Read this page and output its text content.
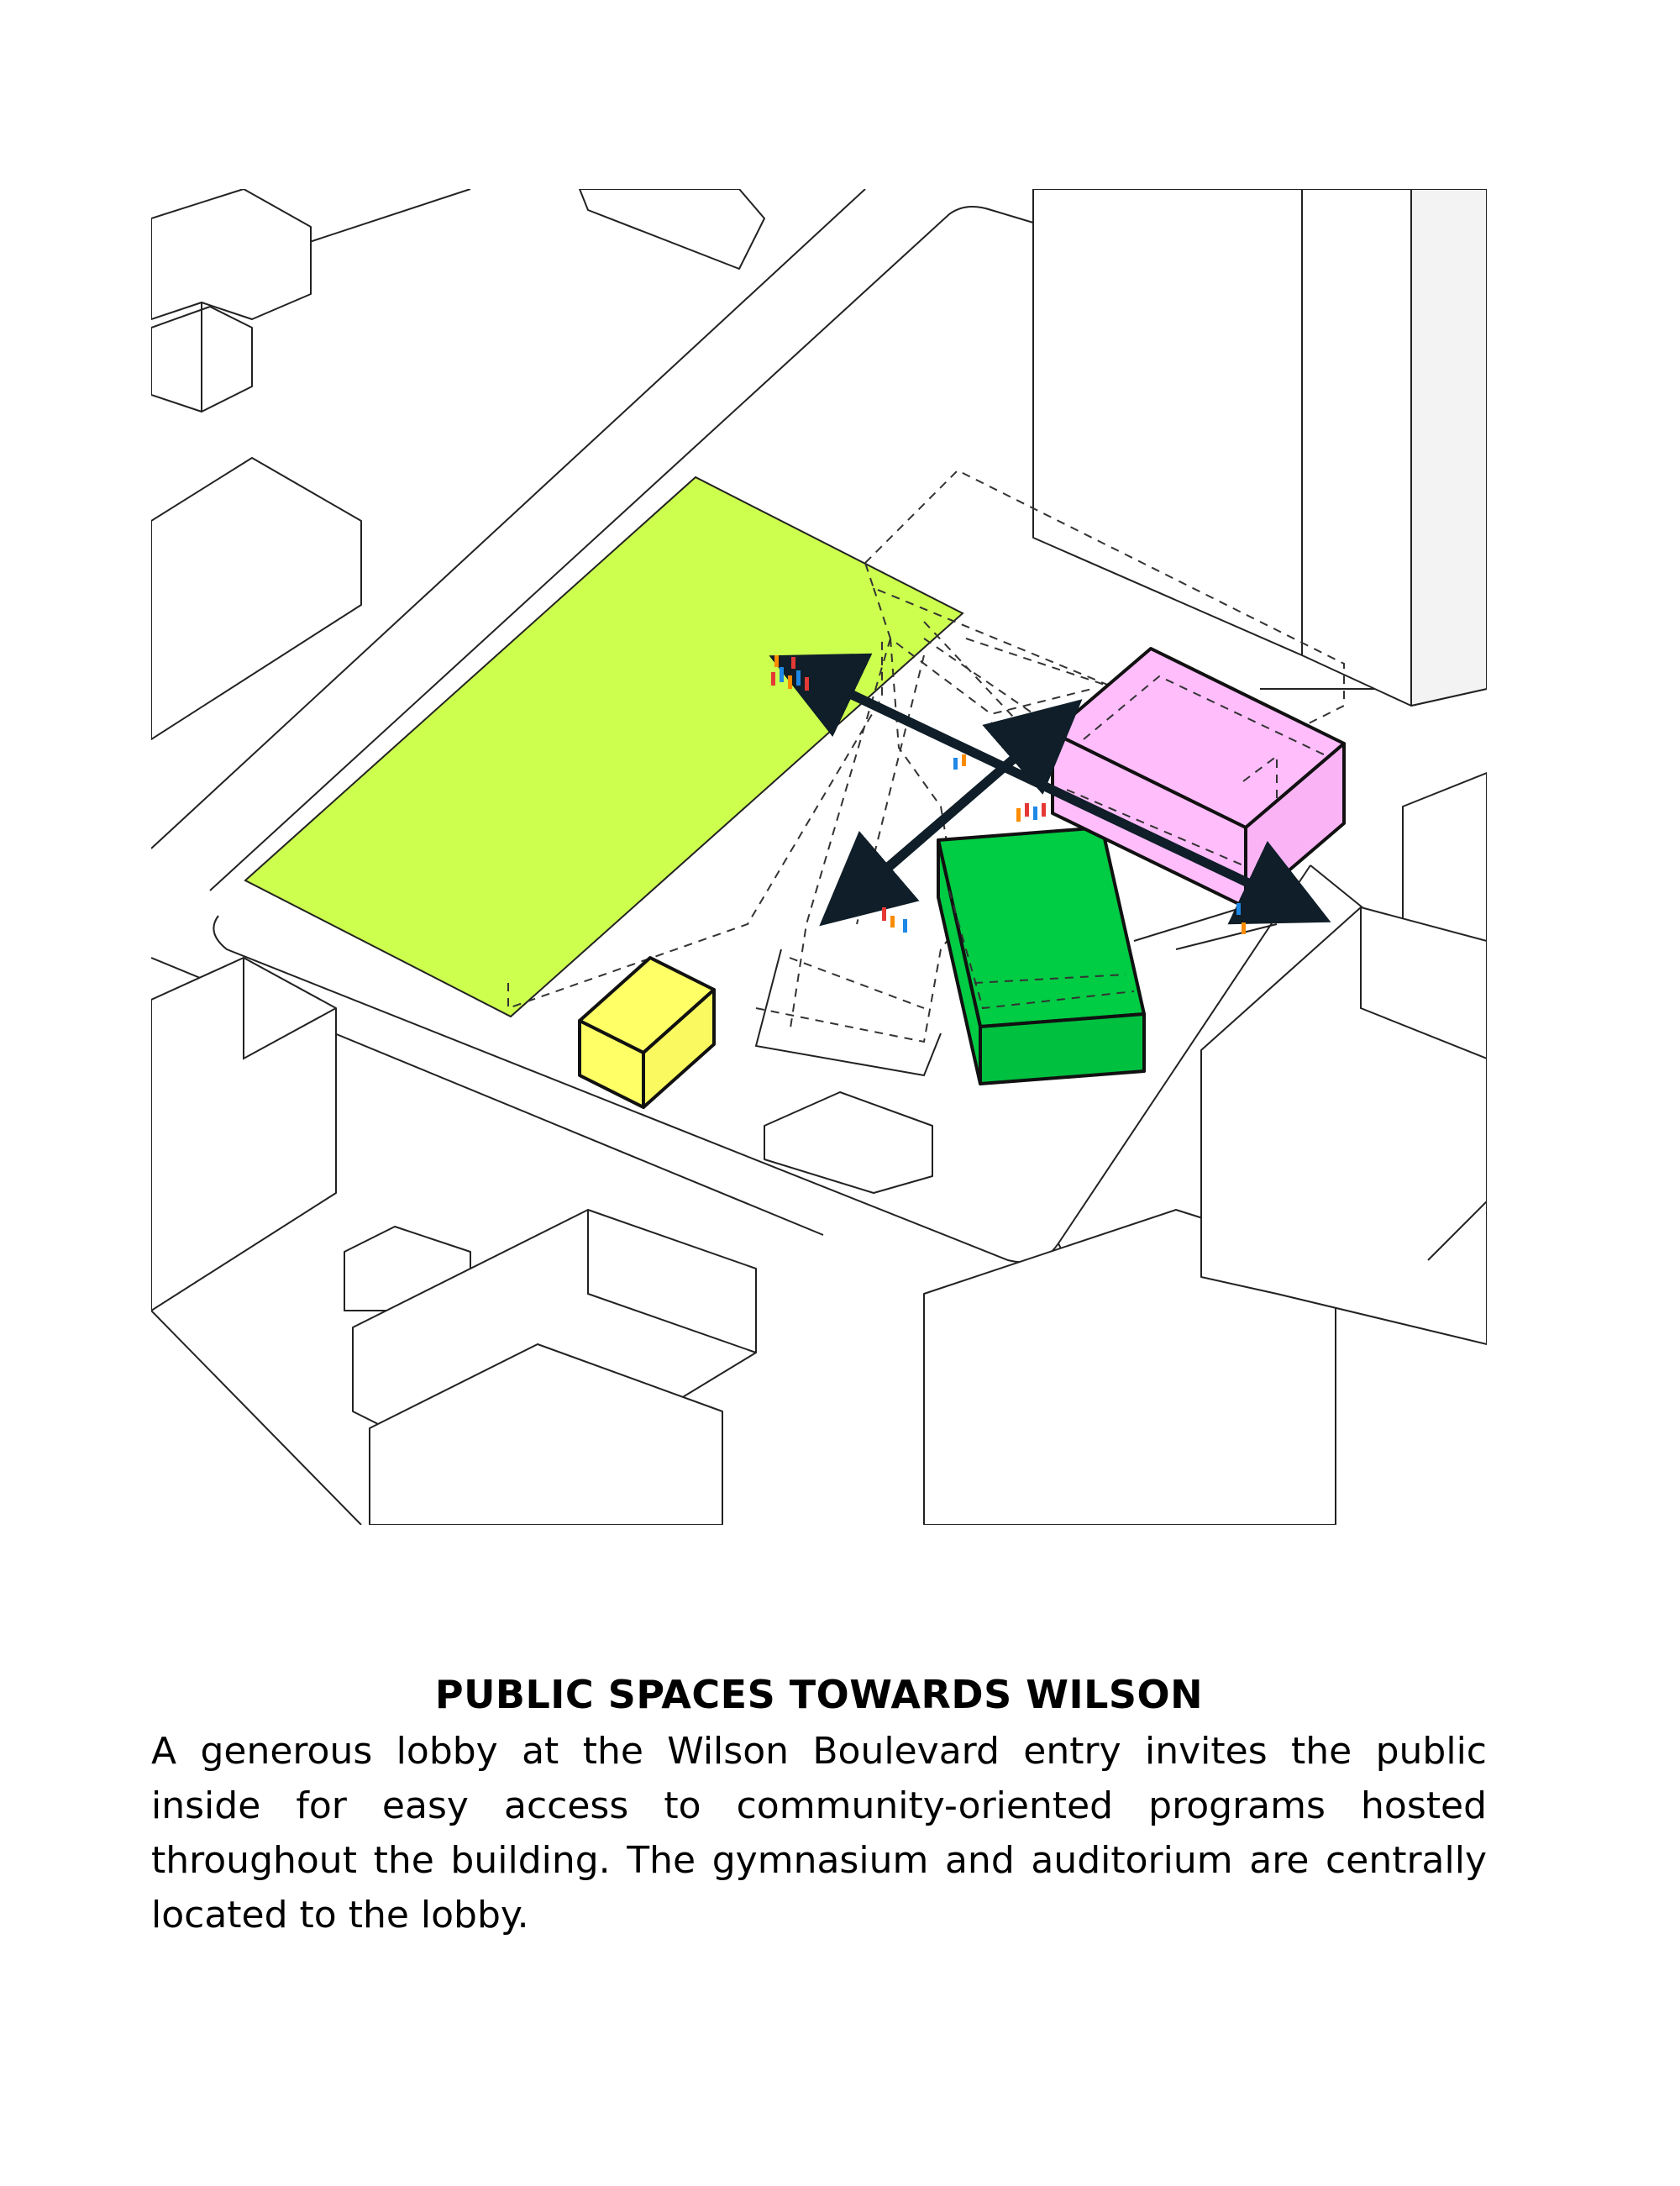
PUBLIC SPACES TOWARDS WILSON

A generous lobby at the Wilson Boulevard entry invites the public inside for easy access to community-oriented programs hosted throughout the building. The gymnasium and auditorium are centrally located to the lobby.
